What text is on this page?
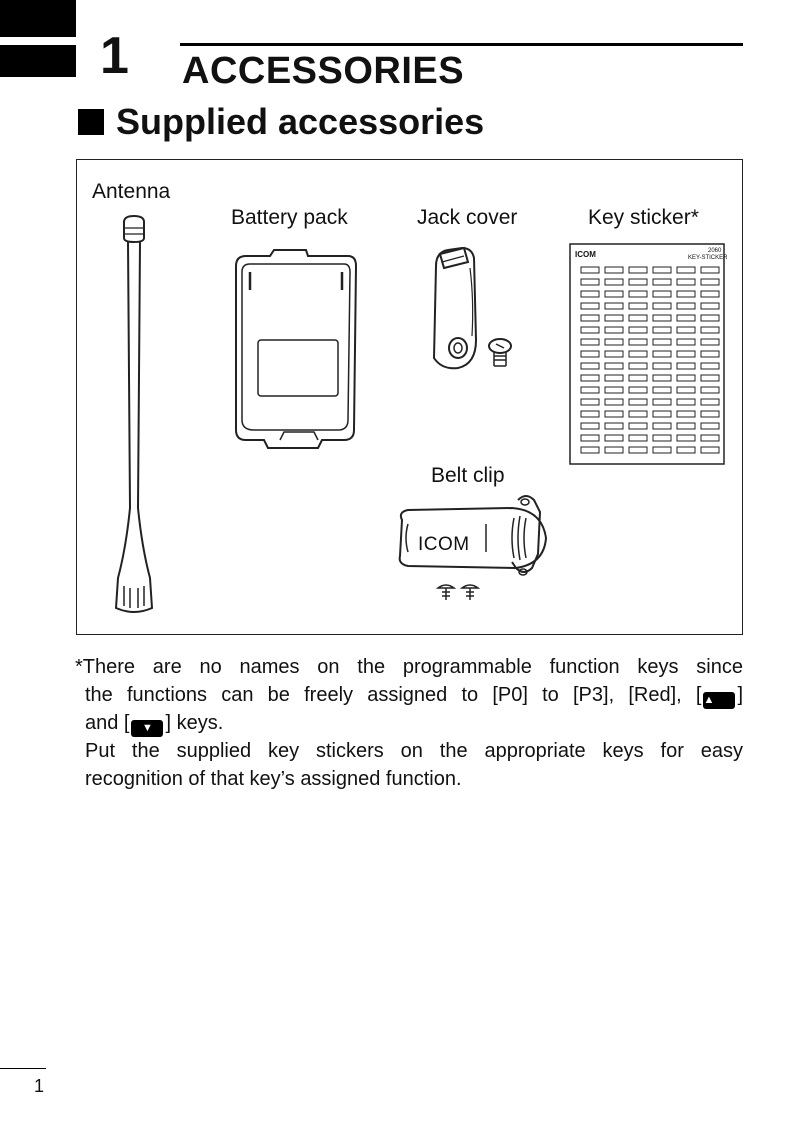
1 ACCESSORIES
Supplied accessories
Antenna
Battery pack	Jack cover	Key sticker*
Belt clip
ICOM	2060
KEY-STICKER
ICOM

*There are no names on the programmable function keys since

the functions can be freely assigned to [P0] to [P3], [Red], [ ▲ ]

and [ ▼ ] keys.

Put the supplied key stickers on the appropriate keys for easy

recognition of that key’s assigned function.

1
